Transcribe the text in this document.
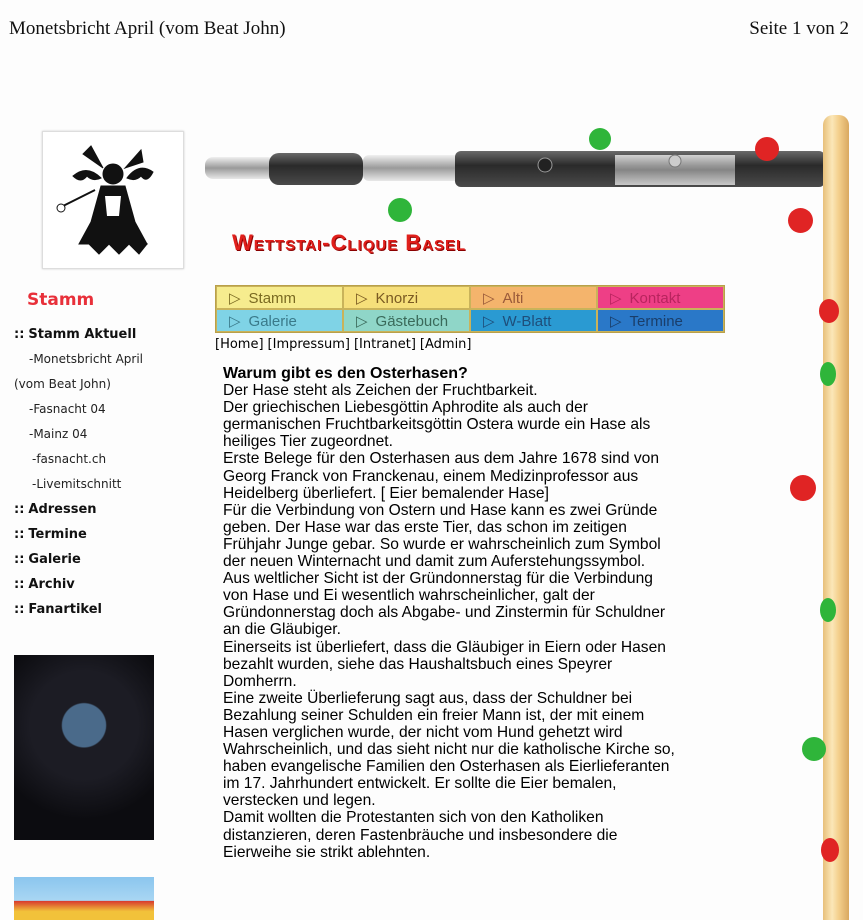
Monetsbricht April (vom Beat John)	Seite 1 von 2
Wettstai-Clique Basel
Stamm
:: Stamm Aktuell
-Monetsbricht April
(vom Beat John)
-Fasnacht 04
-Mainz 04
-fasnacht.ch
-Livemitschnitt
:: Adressen
:: Termine
:: Galerie
:: Archiv
:: Fanartikel
▷ Stamm	▷ Knorzi	▷ Alti	▷ Kontakt
▷ Galerie	▷ Gästebuch	▷ W-Blatt	▷ Termine
[Home] [Impressum] [Intranet] [Admin]
Warum gibt es den Osterhasen?

Der Hase steht als Zeichen der Fruchtbarkeit.

Der griechischen Liebesgöttin Aphrodite als auch der

germanischen Fruchtbarkeitsgöttin Ostera wurde ein Hase als

heiliges Tier zugeordnet.

Erste Belege für den Osterhasen aus dem Jahre 1678 sind von

Georg Franck von Franckenau, einem Medizinprofessor aus

Heidelberg überliefert. [ Eier bemalender Hase]

Für die Verbindung von Ostern und Hase kann es zwei Gründe

geben. Der Hase war das erste Tier, das schon im zeitigen

Frühjahr Junge gebar. So wurde er wahrscheinlich zum Symbol

der neuen Winternacht und damit zum Auferstehungssymbol.

Aus weltlicher Sicht ist der Gründonnerstag für die Verbindung

von Hase und Ei wesentlich wahrscheinlicher, galt der

Gründonnerstag doch als Abgabe- und Zinstermin für Schuldner

an die Gläubiger.

Einerseits ist überliefert, dass die Gläubiger in Eiern oder Hasen

bezahlt wurden, siehe das Haushaltsbuch eines Speyrer

Domherrn.

Eine zweite Überlieferung sagt aus, dass der Schuldner bei

Bezahlung seiner Schulden ein freier Mann ist, der mit einem

Hasen verglichen wurde, der nicht vom Hund gehetzt wird

Wahrscheinlich, und das sieht nicht nur die katholische Kirche so,

haben evangelische Familien den Osterhasen als Eierlieferanten

im 17. Jahrhundert entwickelt. Er sollte die Eier bemalen,

verstecken und legen.

Damit wollten die Protestanten sich von den Katholiken

distanzieren, deren Fastenbräuche und insbesondere die

Eierweihe sie strikt ablehnten.
